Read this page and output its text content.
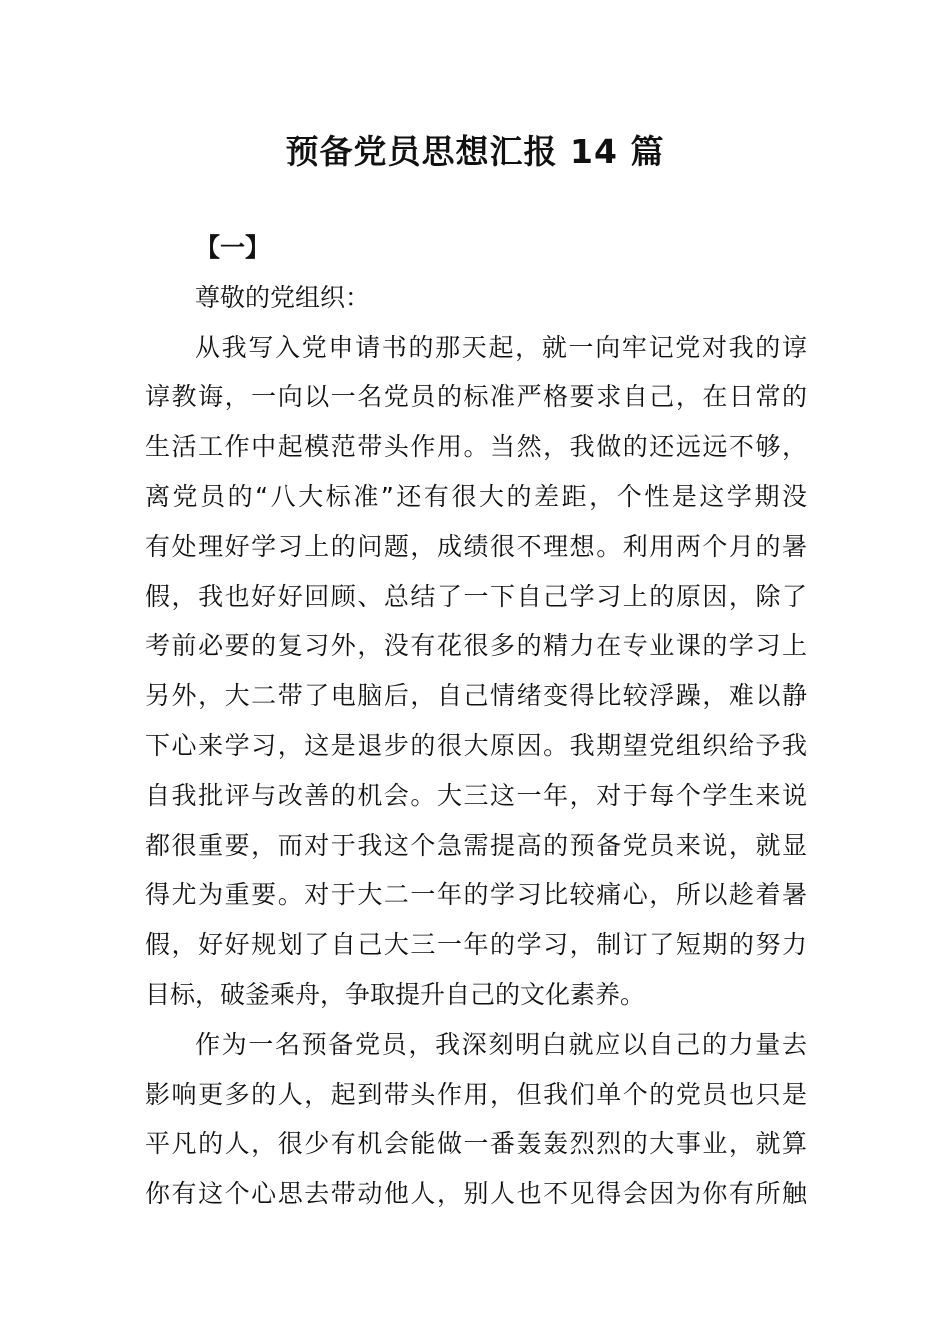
预备党员思想汇报 14 篇
【一】
尊敬的党组织：
从我写入党申请书的那天起，就一向牢记党对我的谆
谆教诲，一向以一名党员的标准严格要求自己，在日常的
生活工作中起模范带头作用。当然，我做的还远远不够，
离党员的“八大标准”还有很大的差距，个性是这学期没
有处理好学习上的问题，成绩很不理想。利用两个月的暑
假，我也好好回顾、总结了一下自己学习上的原因，除了
考前必要的复习外，没有花很多的精力在专业课的学习上
另外，大二带了电脑后，自己情绪变得比较浮躁，难以静
下心来学习，这是退步的很大原因。我期望党组织给予我
自我批评与改善的机会。大三这一年，对于每个学生来说
都很重要，而对于我这个急需提高的预备党员来说，就显
得尤为重要。对于大二一年的学习比较痛心，所以趁着暑
假，好好规划了自己大三一年的学习，制订了短期的努力
目标，破釜乘舟，争取提升自己的文化素养。
作为一名预备党员，我深刻明白就应以自己的力量去
影响更多的人，起到带头作用，但我们单个的党员也只是
平凡的人，很少有机会能做一番轰轰烈烈的大事业，就算
你有这个心思去带动他人，别人也不见得会因为你有所触
